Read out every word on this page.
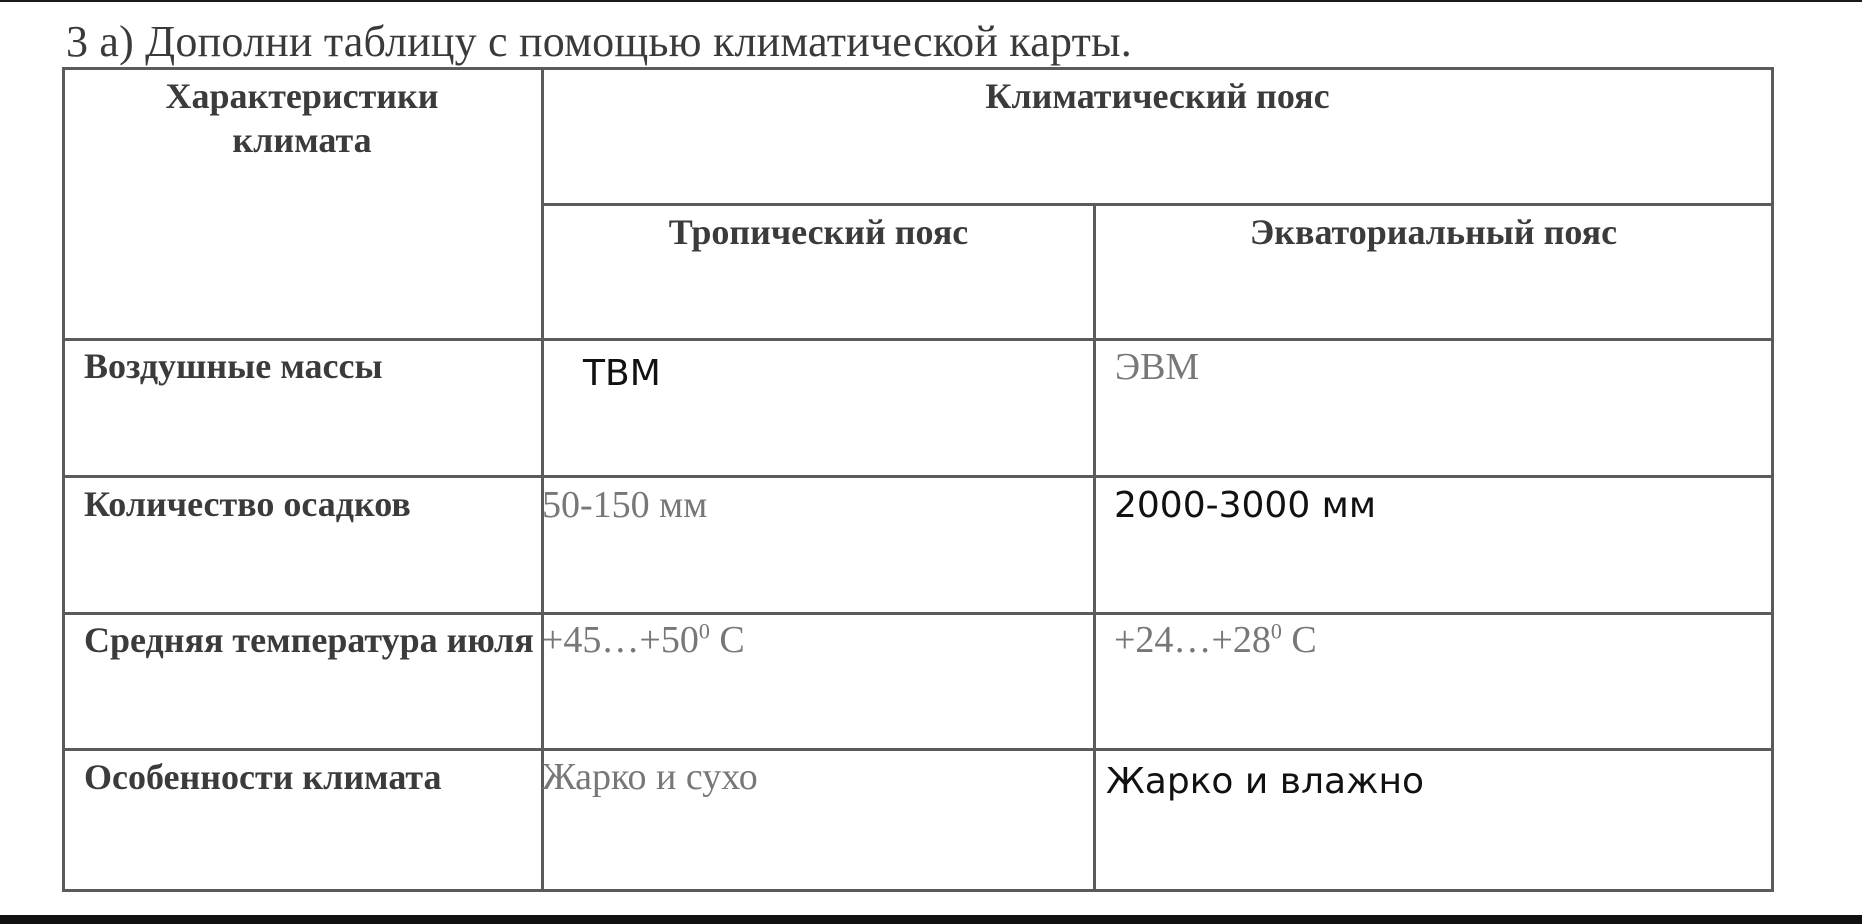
3 а) Дополни таблицу с помощью климатической карты.
Характеристики климата
Климатический пояс
Тропический пояс	Экваториальный пояс
Воздушные массы	ТВМ	ЭВМ
Количество осадков	50-150 мм	2000-3000 мм
Средняя температура июля $+45\dots+50^0$ С	$+24\dots+28^0$ С
Особенности климата	Жарко и сухо	Жарко и влажно
